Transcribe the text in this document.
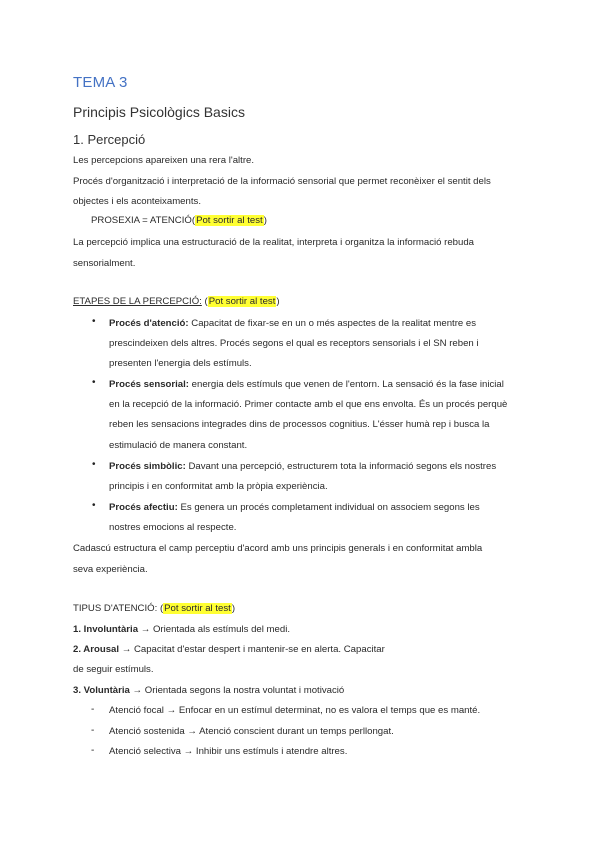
TEMA 3
Principis Psicològics Basics
1. Percepció
Les percepcions apareixen una rera l'altre.
Procés d'organització i interpretació de la informació sensorial que permet reconèixer el sentit dels
objectes i els aconteixaments.
PROSEXIA = ATENCIÓ(Pot sortir al test)
La percepció implica una estructuració de la realitat, interpreta i organitza la informació rebuda
sensorialment.
ETAPES DE LA PERCEPCIÓ: (Pot sortir al test)
• Procés d'atenció: Capacitat de fixar-se en un o més aspectes de la realitat mentre es
prescindeixen dels altres. Procés segons el qual es receptors sensorials i el SN reben i
presenten l'energia dels estímuls.
• Procés sensorial: energia dels estímuls que venen de l'entorn. La sensació és la fase inicial
en la recepció de la informació. Primer contacte amb el que ens envolta. És un procés perquè
reben les sensacions integrades dins de processos cognitius. L'ésser humà rep i busca la
estimulació de manera constant.
• Procés simbòlic: Davant una percepció, estructurem tota la informació segons els nostres
principis i en conformitat amb la pròpia experiència.
• Procés afectiu: Es genera un procés completament individual on associem segons les
nostres emocions al respecte.
Cadascú estructura el camp perceptiu d'acord amb uns principis generals i en conformitat ambla
seva experiència.
TIPUS D'ATENCIÓ: (Pot sortir al test)
1. Involuntària → Orientada als estímuls del medi.
2. Arousal → Capacitat d'estar despert i mantenir-se en alerta. Capacitar
de seguir estímuls.
3. Voluntària → Orientada segons la nostra voluntat i motivació
- Atenció focal → Enfocar en un estímul determinat, no es valora el temps que es manté.
- Atenció sostenida → Atenció conscient durant un temps perllongat.
- Atenció selectiva → Inhibir uns estímuls i atendre altres.
